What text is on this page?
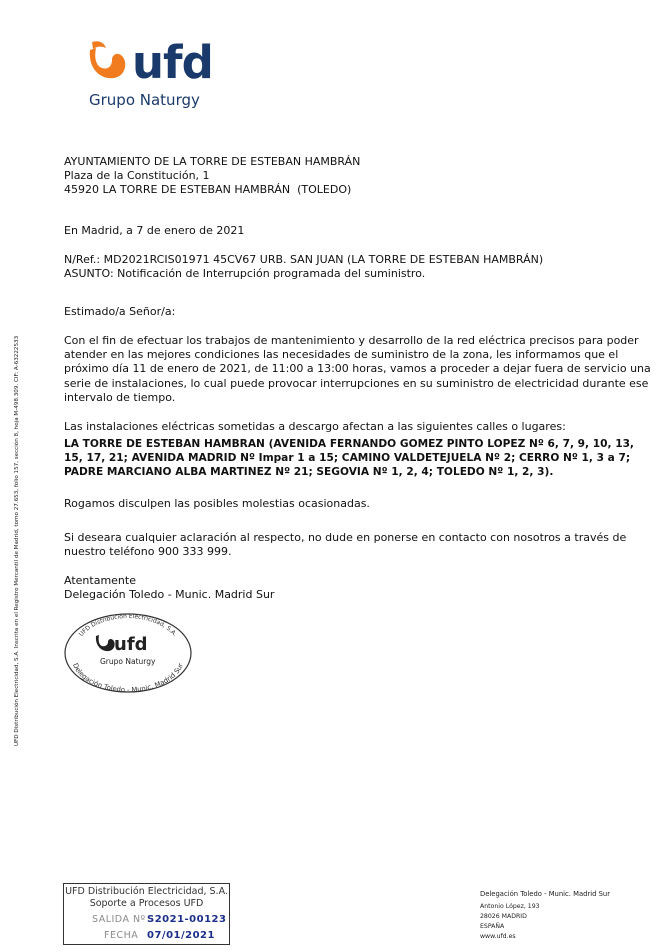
ufd
Grupo Naturgy
UFD Distribución Electricidad, S.A. Inscrita en el Registro Mercantil de Madrid, tomo 27.653, folio 157, sección 8, hoja M-498.309. CIF: A-63222533
AYUNTAMIENTO DE LA TORRE DE ESTEBAN HAMBRÁN
Plaza de la Constitución, 1
45920 LA TORRE DE ESTEBAN HAMBRÁN  (TOLEDO)
En Madrid, a 7 de enero de 2021
N/Ref.: MD2021RCIS01971 45CV67 URB. SAN JUAN (LA TORRE DE ESTEBAN HAMBRÁN)
ASUNTO: Notificación de Interrupción programada del suministro.
Estimado/a Señor/a:
Con el fin de efectuar los trabajos de mantenimiento y desarrollo de la red eléctrica precisos para poder
atender en las mejores condiciones las necesidades de suministro de la zona, les informamos que el
próximo día 11 de enero de 2021, de 11:00 a 13:00 horas, vamos a proceder a dejar fuera de servicio una
serie de instalaciones, lo cual puede provocar interrupciones en su suministro de electricidad durante ese
intervalo de tiempo.
Las instalaciones eléctricas sometidas a descargo afectan a las siguientes calles o lugares:
LA TORRE DE ESTEBAN HAMBRAN (AVENIDA FERNANDO GOMEZ PINTO LOPEZ Nº 6, 7, 9, 10, 13,
15, 17, 21; AVENIDA MADRID Nº Impar 1 a 15; CAMINO VALDETEJUELA Nº 2; CERRO Nº 1, 3 a 7;
PADRE MARCIANO ALBA MARTINEZ Nº 21; SEGOVIA Nº 1, 2, 4; TOLEDO Nº 1, 2, 3).
Rogamos disculpen las posibles molestias ocasionadas.
Si deseara cualquier aclaración al respecto, no dude en ponerse en contacto con nosotros a través de
nuestro teléfono 900 333 999.
Atentamente
Delegación Toledo - Munic. Madrid Sur
UFD Distribución Electricidad, S.A.
Delegación Toledo - Munic. Madrid Sur
ufd
Grupo Naturgy
UFD Distribución Electricidad, S.A.
Soporte a Procesos UFD
SALIDA Nº S2021-00123
FECHA 07/01/2021
Delegación Toledo - Munic. Madrid Sur
Antonio López, 193
28026 MADRID
ESPAÑA
www.ufd.es
